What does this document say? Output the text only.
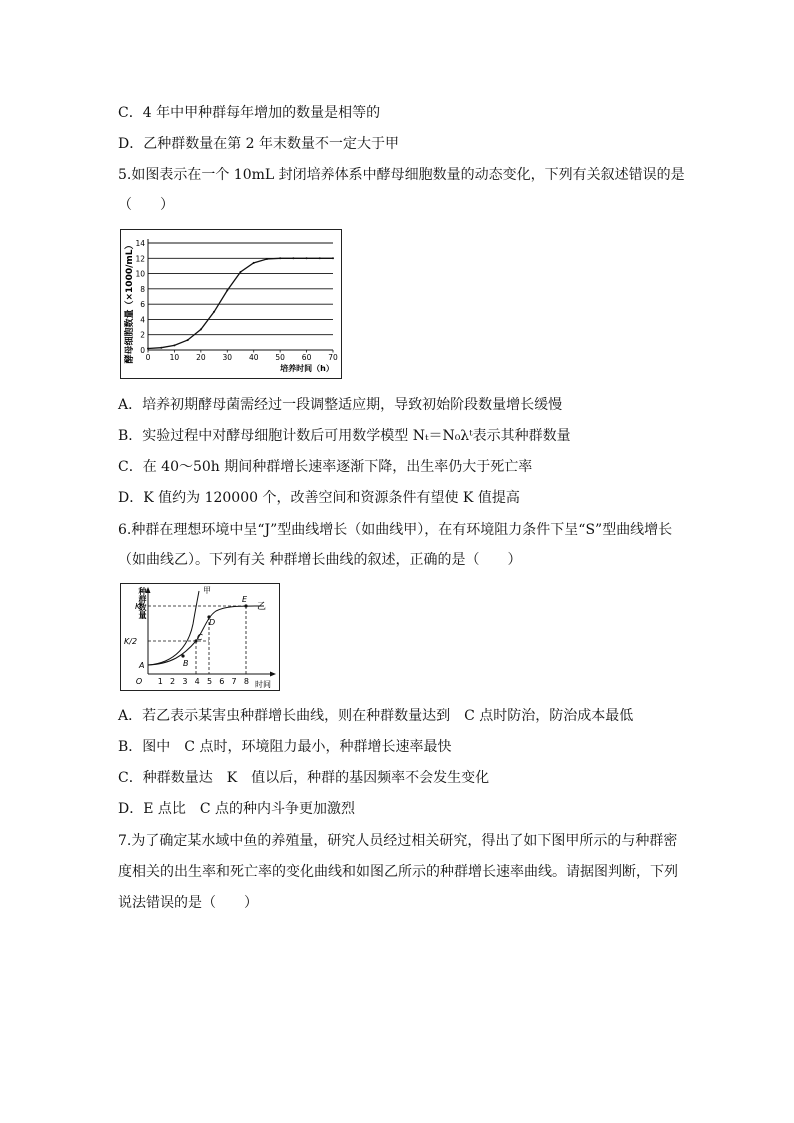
C．4 年中甲种群每年增加的数量是相等的
D．乙种群数量在第 2 年末数量不一定大于甲
5.如图表示在一个 10mL 封闭培养体系中酵母细胞数量的动态变化，下列有关叙述错误的是
（　　）
0
2
4
6
8
10
12
14
0	10 20 30 40 50 60 70
酵母细胞数量（×1000/mL）
培养时间（h）
A．培养初期酵母菌需经过一段调整适应期，导致初始阶段数量增长缓慢
B．实验过程中对酵母细胞计数后可用数学模型 Nₜ＝N₀λᵗ表示其种群数量
C．在 40～50h 期间种群增长速率逐渐下降，出生率仍大于死亡率
D．K 值约为 120000 个，改善空间和资源条件有望使 K 值提高
6.种群在理想环境中呈“J”型曲线增长（如曲线甲），在有环境阻力条件下呈“S”型曲线增长
（如曲线乙）。下列有关 种群增长曲线的叙述，正确的是（　　）
种群数量
时间
甲
乙
K
K/2
A	B
C
D
E
O 1 2 3 4 5 6 7 8
A．若乙表示某害虫种群增长曲线，则在种群数量达到　C 点时防治，防治成本最低
B．图中　C 点时，环境阻力最小，种群增长速率最快
C．种群数量达　K　值以后，种群的基因频率不会发生变化
D．E 点比　C 点的种内斗争更加激烈
7.为了确定某水域中鱼的养殖量，研究人员经过相关研究，得出了如下图甲所示的与种群密
度相关的出生率和死亡率的变化曲线和如图乙所示的种群增长速率曲线。请据图判断，下列
说法错误的是（　　）
